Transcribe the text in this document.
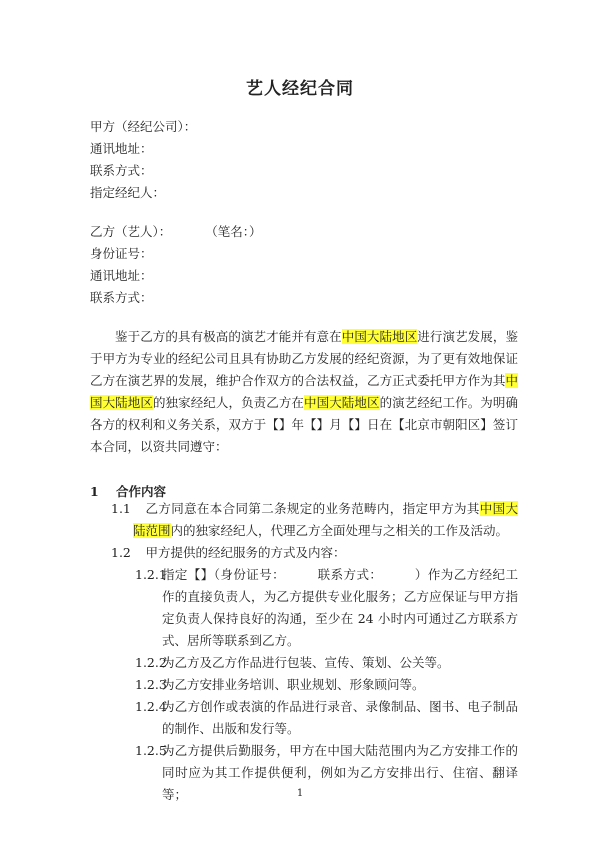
艺人经纪合同
甲方（经纪公司）：
通讯地址：
联系方式：
指定经纪人：
乙方（艺人）：	（笔名：）
身份证号：
通讯地址：
联系方式：

鉴于乙方的具有极高的演艺才能并有意在中国大陆地区进行演艺发展，鉴于甲方为专业的经纪公司且具有协助乙方发展的经纪资源，为了更有效地保证乙方在演艺界的发展，维护合作双方的合法权益，乙方正式委托甲方作为其中国大陆地区的独家经纪人，负责乙方在中国大陆地区的演艺经纪工作。为明确各方的权利和义务关系，双方于【】年【】月【】日在【北京市朝阳区】签订本合同，以资共同遵守：

1 合作内容
1.1	乙方同意在本合同第二条规定的业务范畴内，指定甲方为其中国大陆范围内的独家经纪人，代理乙方全面处理与之相关的工作及活动。
1.2	甲方提供的经纪服务的方式及内容：
1.2.1
指定【】（身份证号：　　　联系方式：　　　）作为乙方经纪工作的直接负责人，为乙方提供专业化服务；乙方应保证与甲方指定负责人保持良好的沟通，至少在 24 小时内可通过乙方联系方式、居所等联系到乙方。
1.2.2
为乙方及乙方作品进行包装、宣传、策划、公关等。
1.2.3
为乙方安排业务培训、职业规划、形象顾问等。
1.2.4
为乙方创作或表演的作品进行录音、录像制品、图书、电子制品的制作、出版和发行等。
1.2.5
为乙方提供后勤服务，甲方在中国大陆范围内为乙方安排工作的同时应为其工作提供便利，例如为乙方安排出行、住宿、翻译等；	1
